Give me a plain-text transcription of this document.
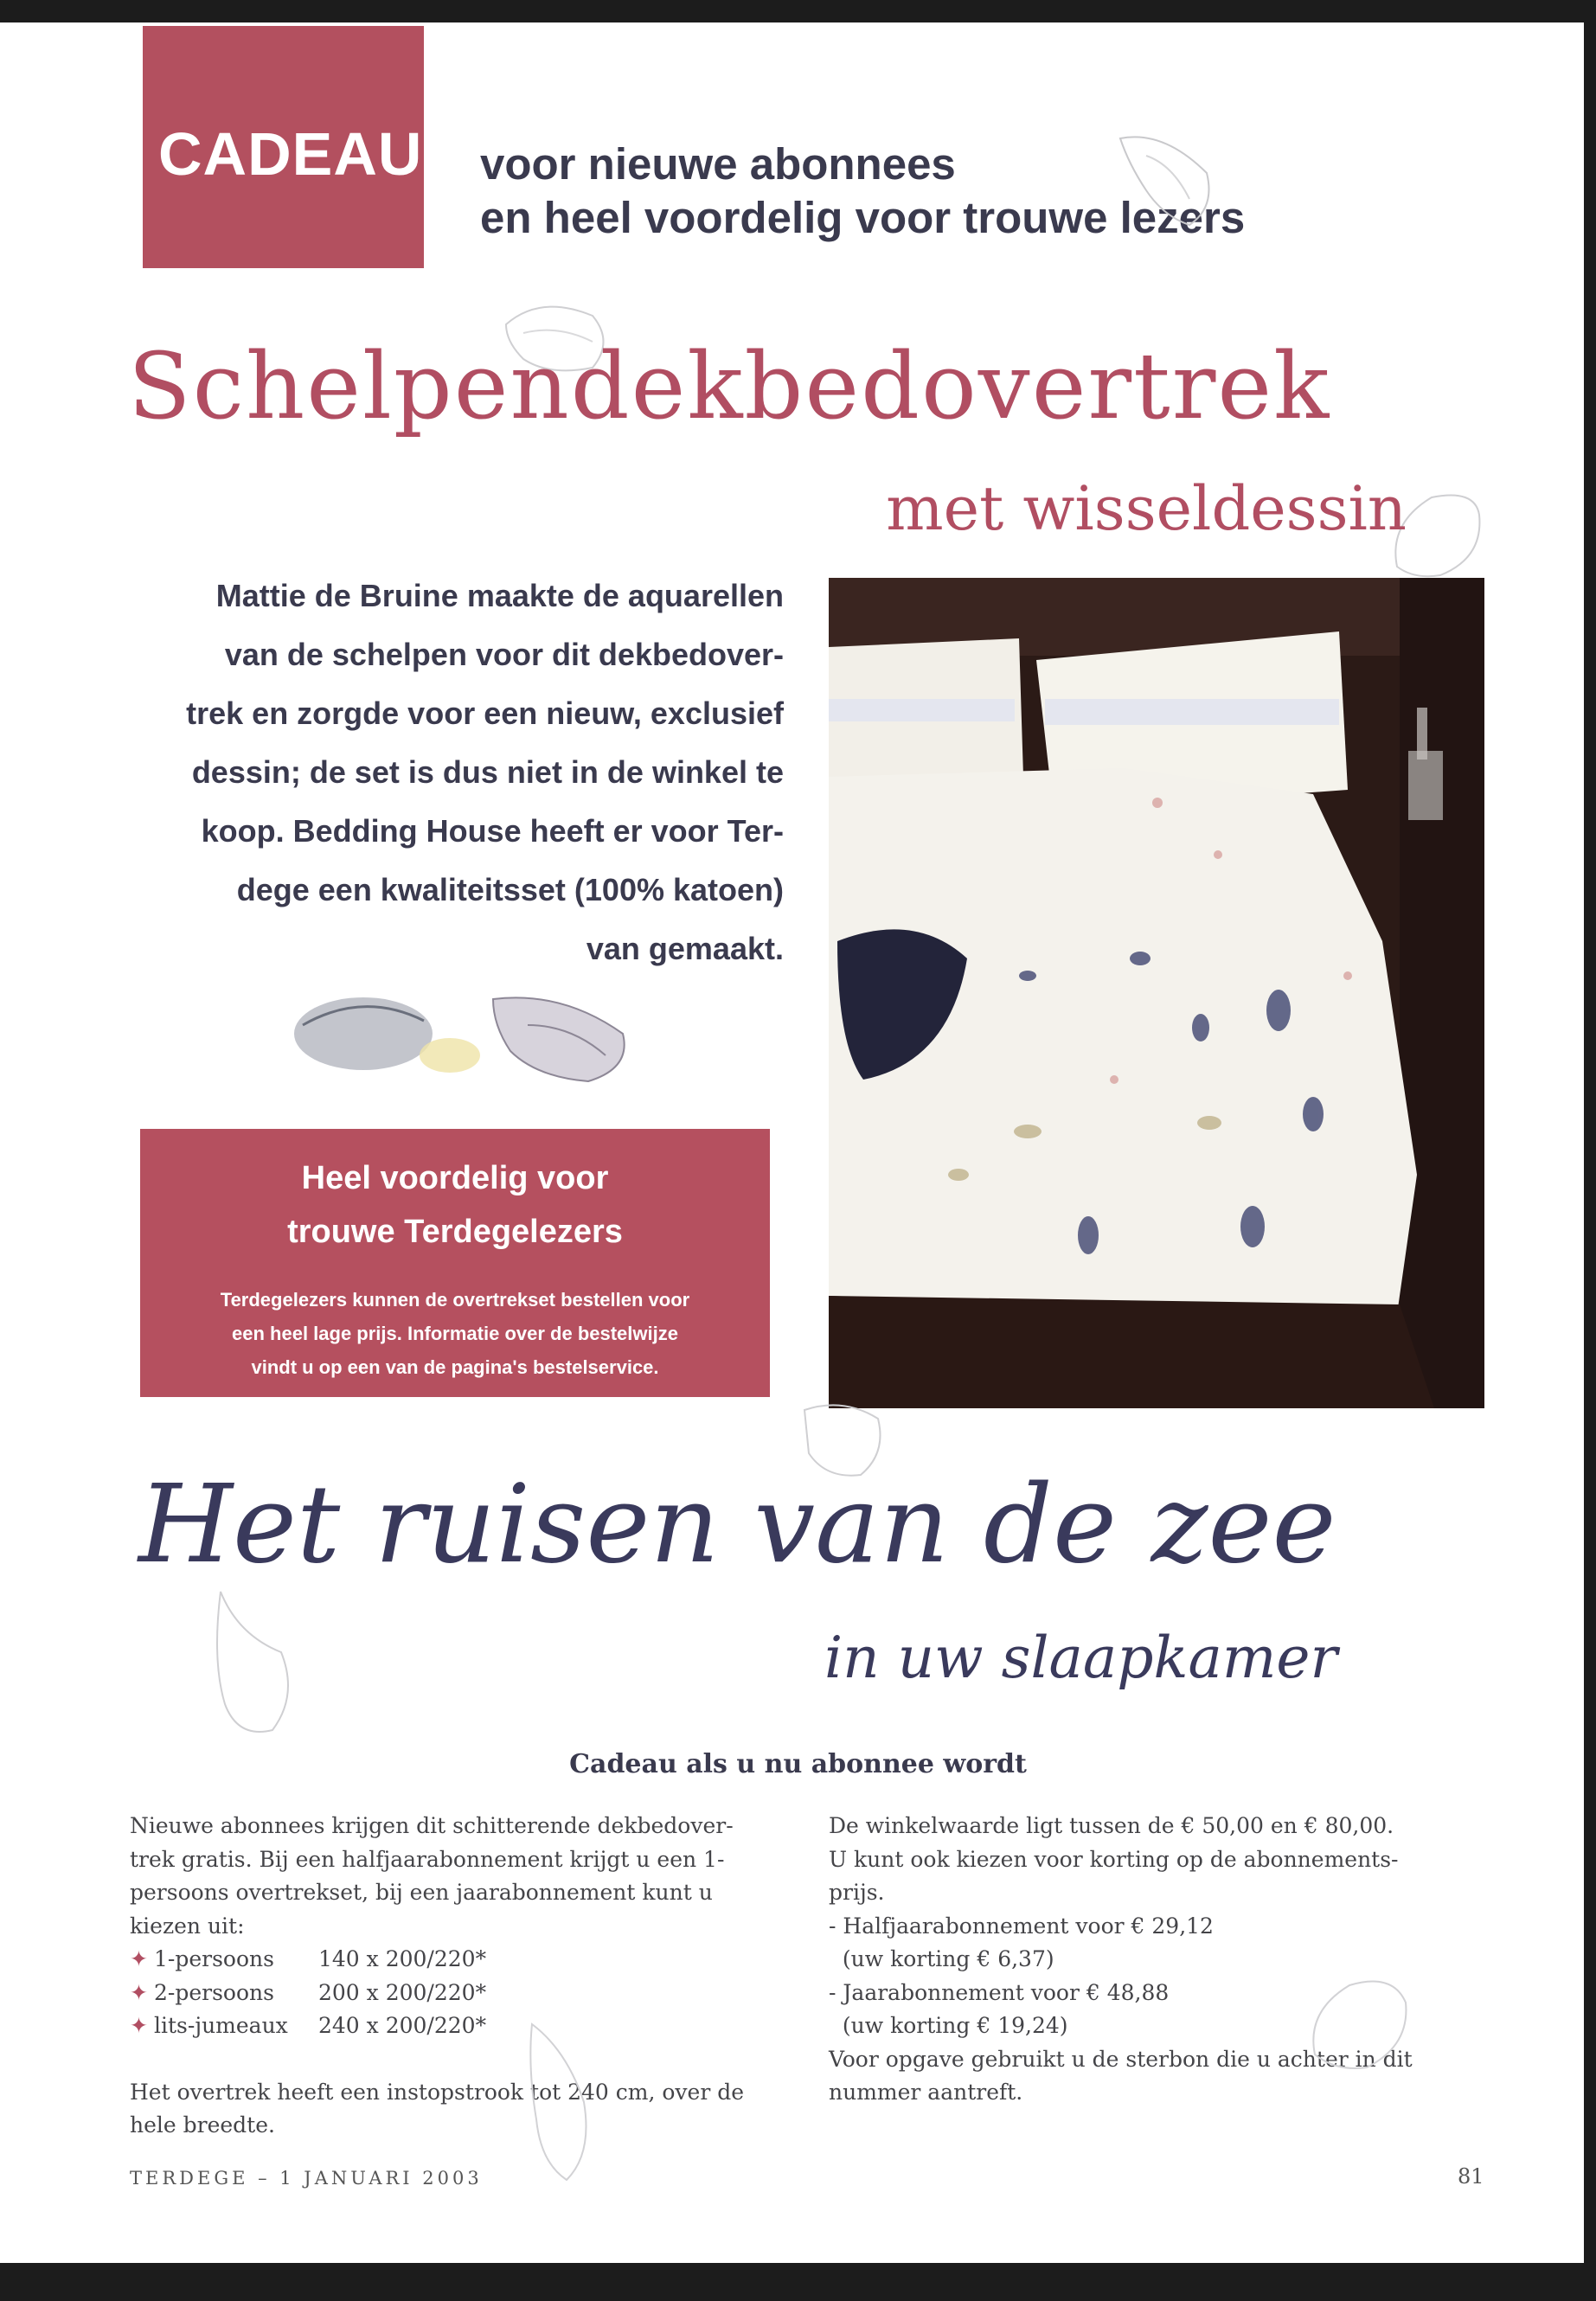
CADEAU voor nieuwe abonnees
en heel voordelig voor trouwe lezers
Schelpendekbedovertrek
met wisseldessin
Mattie de Bruine maakte de aquarellen
van de schelpen voor dit dekbedover-
trek en zorgde voor een nieuw, exclusief
dessin; de set is dus niet in de winkel te
koop. Bedding House heeft er voor Ter-
dege een kwaliteitsset (100% katoen)
van gemaakt.
Heel voordelig voor
trouwe Terdegelezers
Terdegelezers kunnen de overtrekset bestellen voor
een heel lage prijs. Informatie over de bestelwijze
vindt u op een van de pagina's bestelservice.
Het ruisen van de zee
in uw slaapkamer
Cadeau als u nu abonnee wordt

Nieuwe abonnees krijgen dit schitterende dekbedover-

trek gratis. Bij een halfjaarabonnement krijgt u een 1-

persoons overtrekset, bij een jaarabonnement kunt u

kiezen uit:

✦ 1-persoons	140 x 200/220*
✦ 2-persoons	200 x 200/220*
✦ lits-jumeaux	240 x 200/220*

Het overtrek heeft een instopstrook tot 240 cm, over de

hele breedte.

De winkelwaarde ligt tussen de € 50,00 en € 80,00.

U kunt ook kiezen voor korting op de abonnements-

prijs.

- Halfjaarabonnement voor € 29,12

(uw korting € 6,37)

- Jaarabonnement voor € 48,88

(uw korting € 19,24)

Voor opgave gebruikt u de sterbon die u achter in dit

nummer aantreft.

TERDEGE – 1 JANUARI 2003	81
